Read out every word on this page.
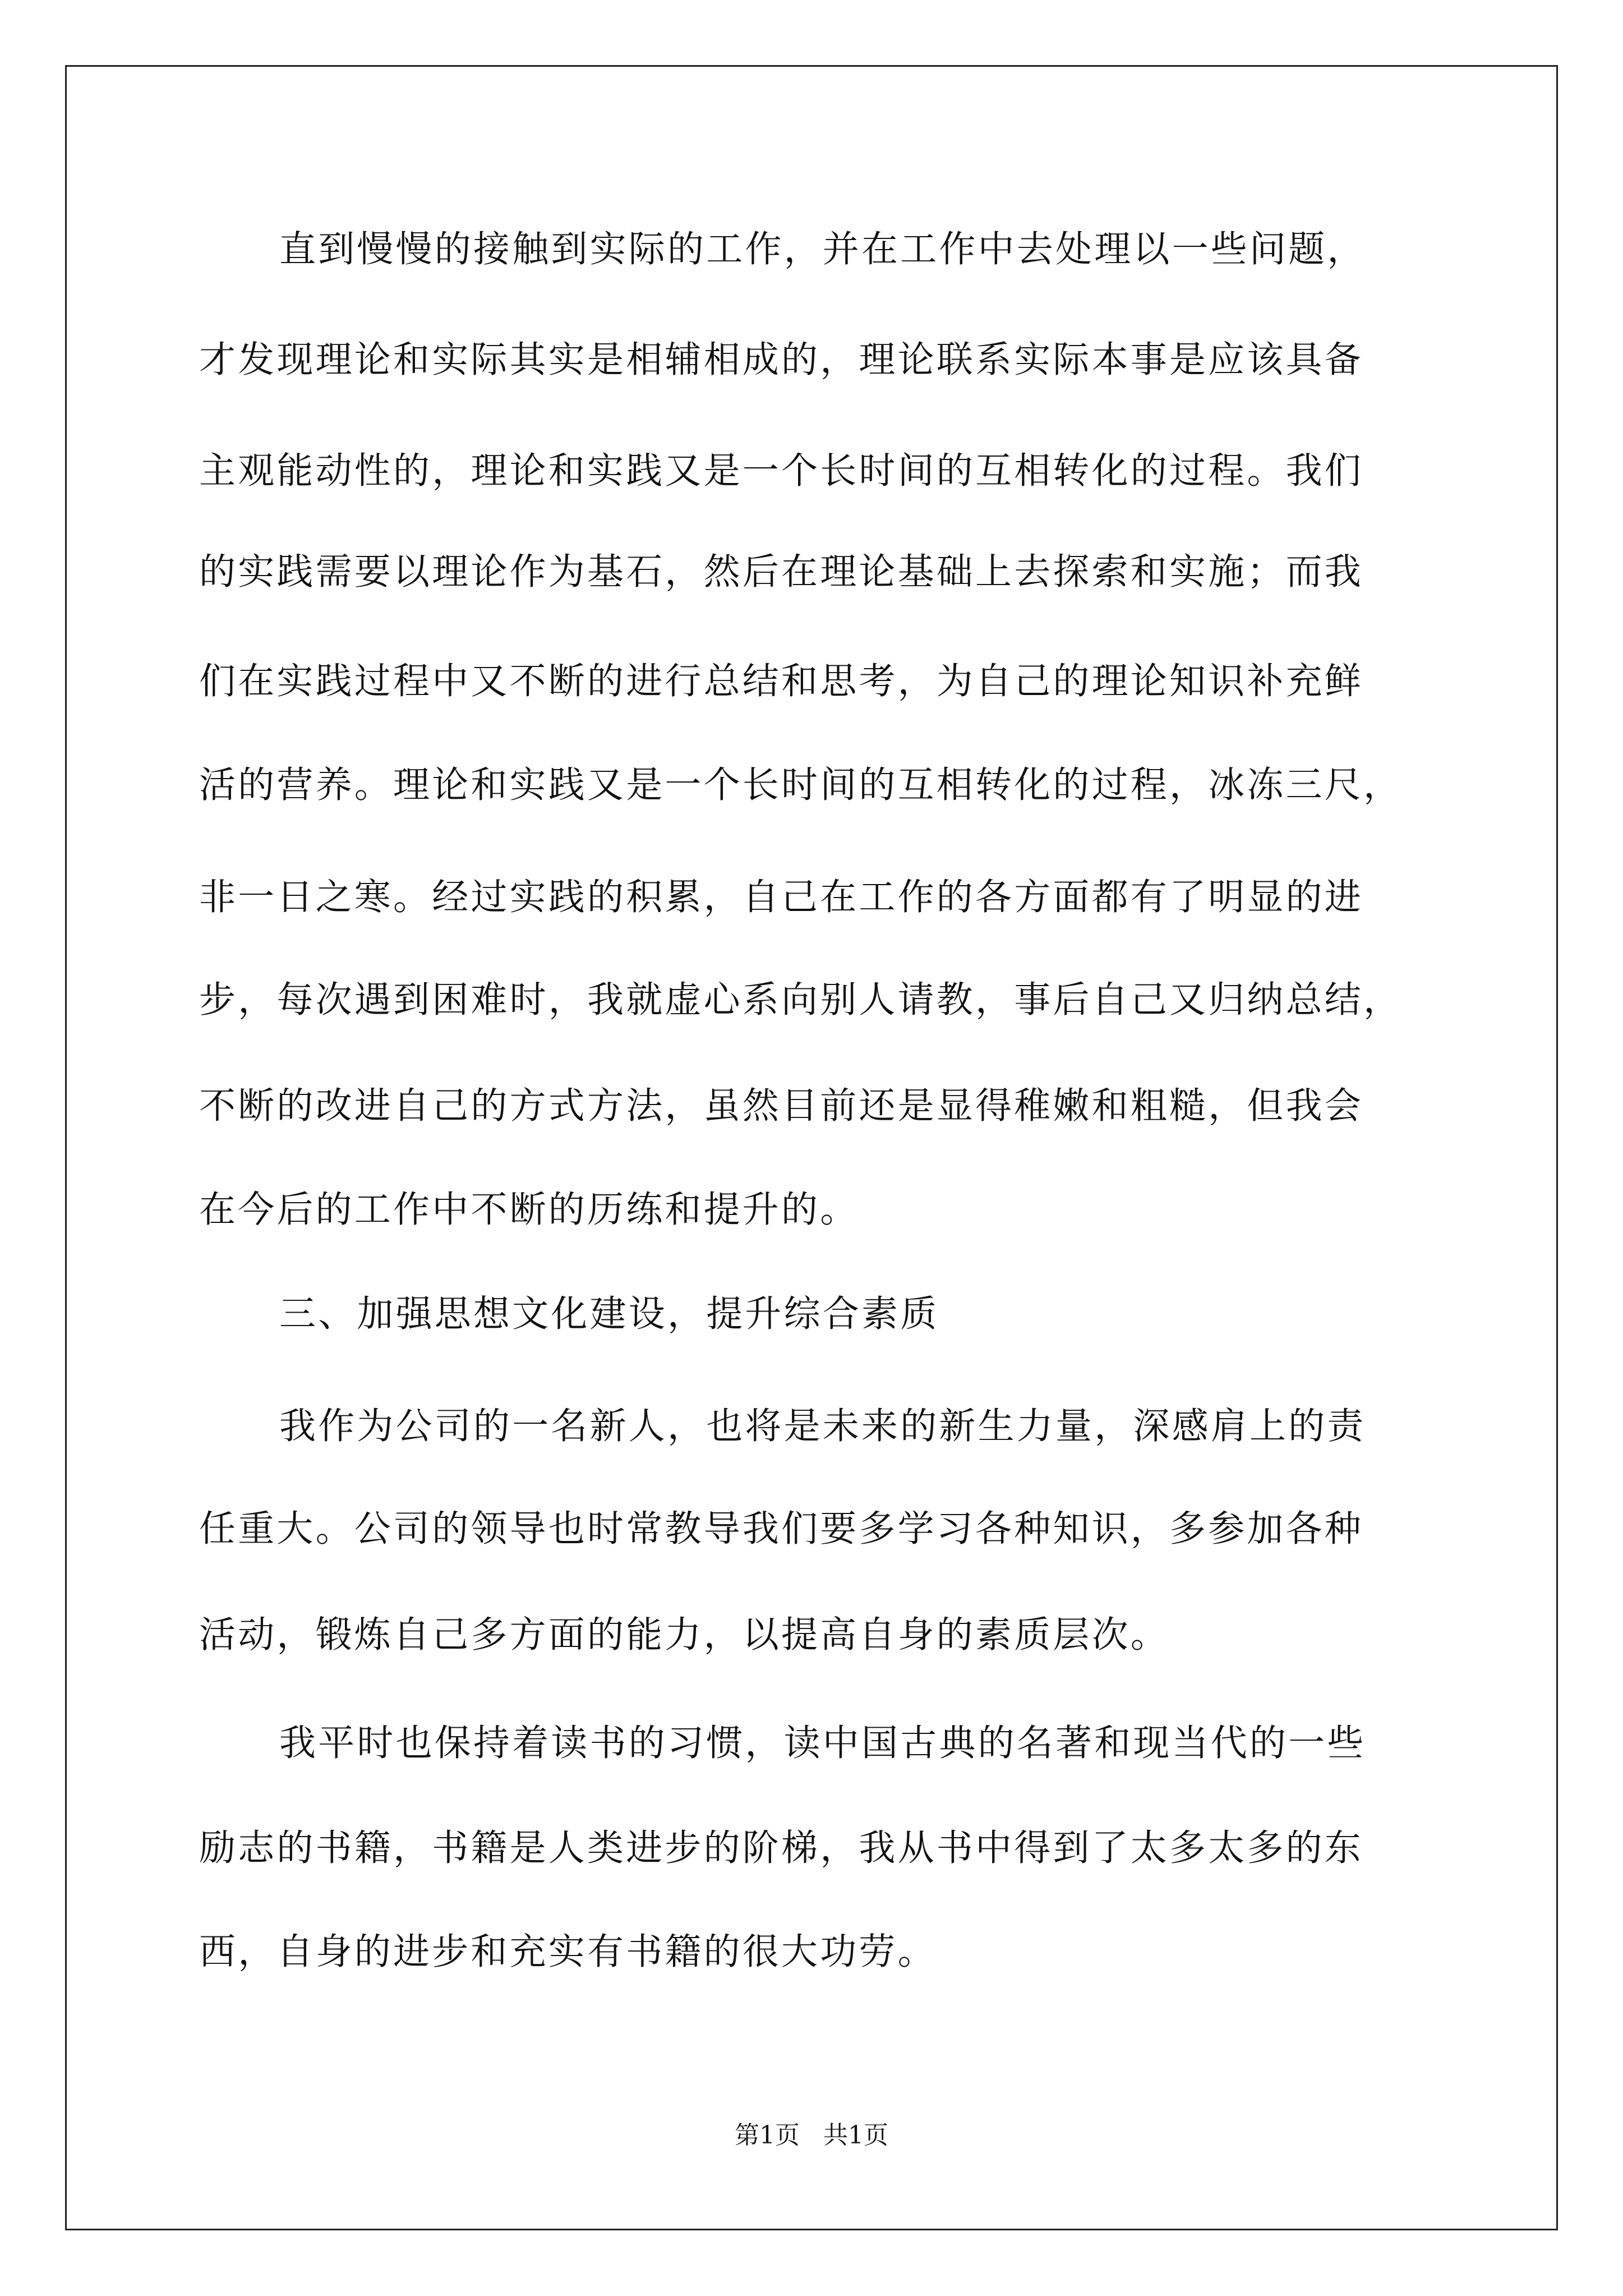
直到慢慢的接触到实际的工作，并在工作中去处理以一些问题，
才发现理论和实际其实是相辅相成的，理论联系实际本事是应该具备
主观能动性的，理论和实践又是一个长时间的互相转化的过程。我们
的实践需要以理论作为基石，然后在理论基础上去探索和实施；而我
们在实践过程中又不断的进行总结和思考，为自己的理论知识补充鲜
活的营养。理论和实践又是一个长时间的互相转化的过程，冰冻三尺，
非一日之寒。经过实践的积累，自己在工作的各方面都有了明显的进
步，每次遇到困难时，我就虚心系向别人请教，事后自己又归纳总结，
不断的改进自己的方式方法，虽然目前还是显得稚嫩和粗糙，但我会
在今后的工作中不断的历练和提升的。
三、加强思想文化建设，提升综合素质
我作为公司的一名新人，也将是未来的新生力量，深感肩上的责
任重大。公司的领导也时常教导我们要多学习各种知识，多参加各种
活动，锻炼自己多方面的能力，以提高自身的素质层次。
我平时也保持着读书的习惯，读中国古典的名著和现当代的一些
励志的书籍，书籍是人类进步的阶梯，我从书中得到了太多太多的东
西，自身的进步和充实有书籍的很大功劳。
第1页   共1页
